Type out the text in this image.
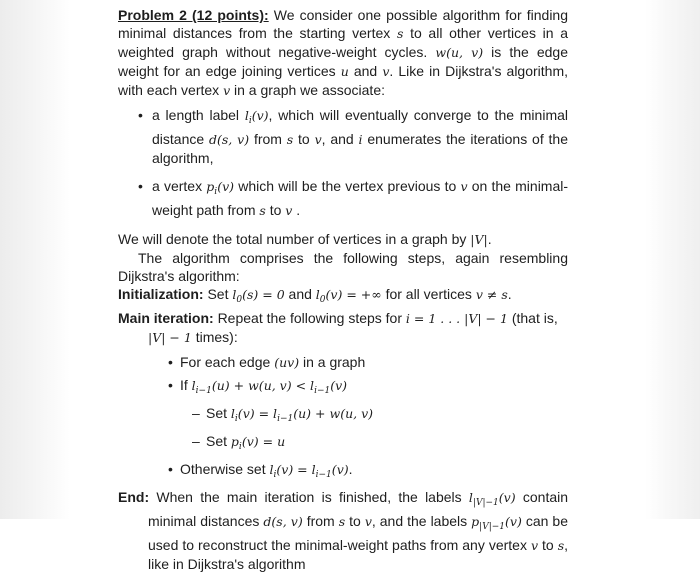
Problem 2 (12 points): We consider one possible algorithm for finding minimal distances from the starting vertex s to all other vertices in a weighted graph without negative-weight cycles. w(u, v) is the edge weight for an edge joining vertices u and v. Like in Dijkstra's algorithm, with each vertex v in a graph we associate:

• a length label $l_i(v)$, which will eventually converge to the minimal distance d(s, v) from s to v, and i enumerates the iterations of the algorithm,
• a vertex $p_i(v)$ which will be the vertex previous to v on the minimal-weight path from s to v .

We will denote the total number of vertices in a graph by |V|.

The algorithm comprises the following steps, again resembling Dijkstra's algorithm:

Initialization: Set $l_0(s) = 0$ and $l_0(v)$ = +∞ for all vertices v ≠ s.

Main iteration: Repeat the following steps for i = 1 . . . |V| − 1 (that is, |V| − 1 times):

• For each edge (uv) in a graph
• If $l_{i-1}(u) + w(u$, $v) < l_{i-1}(v)$
– Set $l_i(v) = l_{i-1}(u) + w(u$, v)
– Set $p_i(v) = u$
• Otherwise set $l_i(v) = l_{i-1}(v)$.

End: When the main iteration is finished, the labels $l_{|V|-1}(v)$ contain minimal distances d(s, v) from s to v, and the labels $p_{|V|-1}(v)$ can be used to reconstruct the minimal-weight paths from any vertex v to s, like in Dijkstra's algorithm
